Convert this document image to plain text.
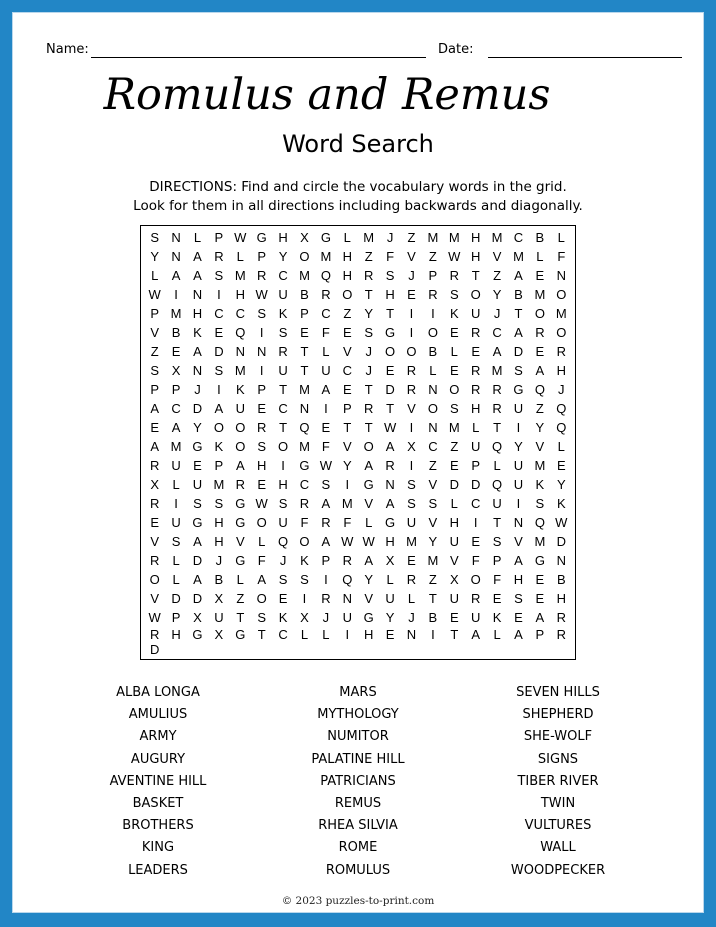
Name:	Date:
Romulus and Remus
Word Search
DIRECTIONS: Find and circle the vocabulary words in the grid.
Look for them in all directions including backwards and diagonally.
S N	L	P W G H X G L M J	Z M M H M C B	L
Y N A R	L	P Y O M H Z	F	V	Z W H V M L	F
L	A A S M R C M Q H R S	J	P R T	Z	A E N
W	I	N	I	H W U B R O T H E R S O Y B M O
P M H C C S K P C Z	Y	T	I	I	K U	J	T O M
V B K E Q	I	S E	F	E S G	I	O E R C A R O
Z	E A D N N R T	L	V	J	O O B	L	E A D E R
S X N S M	I	U T U C	J	E R	L	E R M S A H
P P	J	I	K P	T M A E	T D R N O R R G Q	J
A C D A U E C N	I	P R T	V O S H R U Z Q
E A Y O O R T Q E	T	T W	I	N M L	T	I	Y Q
A M G K O S O M F	V O A X C Z U Q Y V	L
R U E P A H	I	G W Y A R	I	Z	E P	L	U M E
X	L	U M R E H C S	I	G N S V D D Q U K Y
R	I	S S G W S R A M V A S S	L	C U	I	S K
E U G H G O U F R F	L G U V H	I	T N Q W
V S A H V	L Q O A W W H M Y U E S V M D
R	L	D	J	G F	J	K P R A X E M V	F	P A G N
O L	A B	L	A S S	I	Q Y	L	R Z	X O F H E B
V D D X	Z O E	I	R N V U	L	T U R E S E H
W P X U T	S K X	J	U G Y	J	B E U K E A R
R H G X G T C	L	L	I	H E N	I	T	A	L	A P R
D
ALBA LONGA
AMULIUS
ARMY
AUGURY
AVENTINE HILL
BASKET
BROTHERS
KING
LEADERS
MARS
MYTHOLOGY
NUMITOR
PALATINE HILL
PATRICIANS
REMUS
RHEA SILVIA
ROME
ROMULUS
SEVEN HILLS
SHEPHERD
SHE-WOLF
SIGNS
TIBER RIVER
TWIN
VULTURES
WALL
WOODPECKER
© 2023 puzzles-to-print.com
